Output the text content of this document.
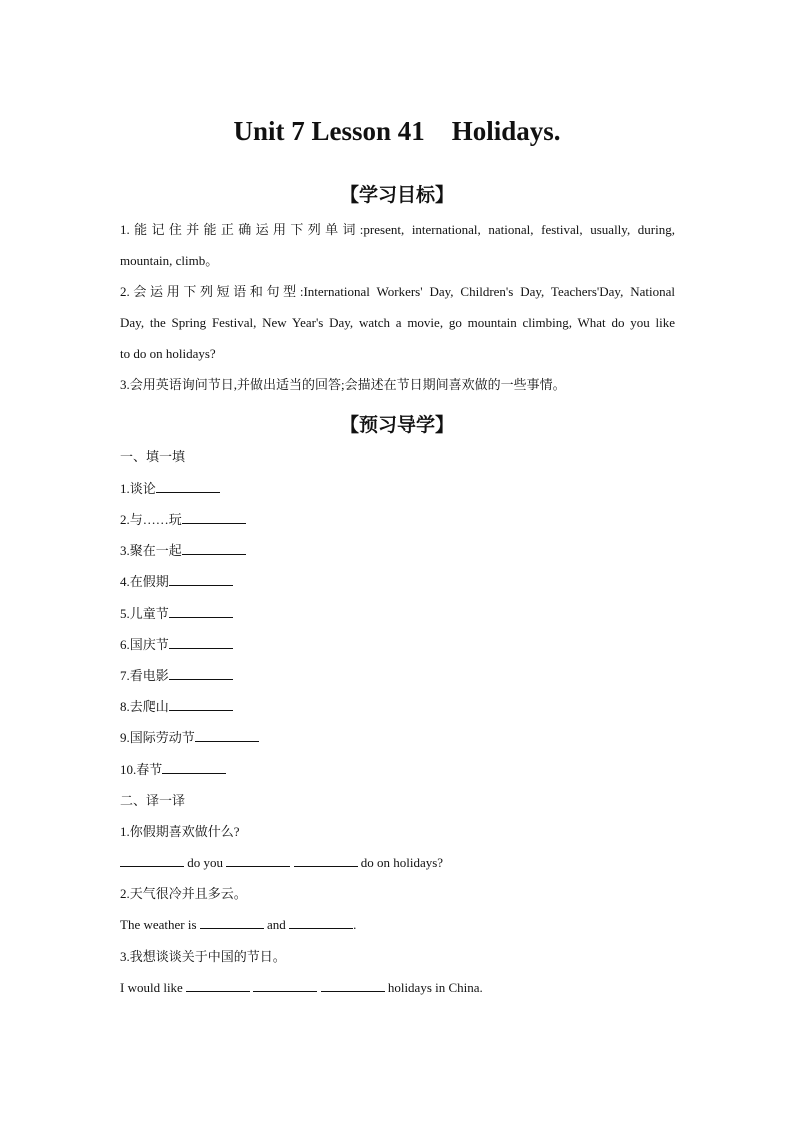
Unit 7 Lesson 41    Holidays.
【学习目标】
1.能记住并能正确运用下列单词:present, international, national, festival, usually, during,
mountain, climb。
2.会运用下列短语和句型:International Workers' Day, Children's Day, Teachers'Day, National
Day, the Spring Festival, New Year's Day, watch a movie, go mountain climbing, What do you like
to do on holidays?
3.会用英语询问节日,并做出适当的回答;会描述在节日期间喜欢做的一些事情。
【预习导学】
一、填一填
1.谈论
2.与……玩
3.聚在一起
4.在假期
5.儿童节
6.国庆节
7.看电影
8.去爬山
9.国际劳动节
10.春节
二、译一译
1.你假期喜欢做什么?
do you	do on holidays?
2.天气很冷并且多云。
The weather is	and	.
3.我想谈谈关于中国的节日。
I would like	holidays in China.
